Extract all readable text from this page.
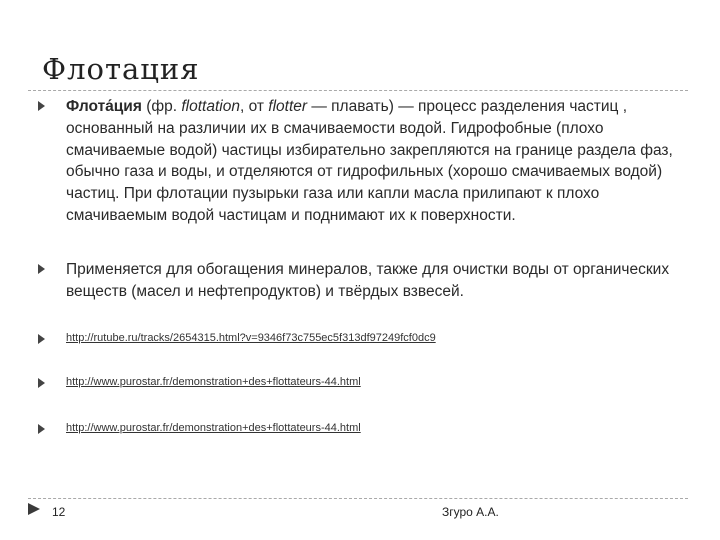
Флотация
Флота́ция (фр. flottation, от flotter — плавать) — процесс разделения частиц , основанный на различии их в смачиваемости водой. Гидрофобные (плохо смачиваемые водой) частицы избирательно закрепляются на границе раздела фаз, обычно газа и воды, и отделяются от гидрофильных (хорошо смачиваемых водой) частиц. При флотации пузырьки газа или капли масла прилипают к плохо смачиваемым водой частицам и поднимают их к поверхности.
Применяется для обогащения минералов, также для очистки воды от органических веществ (масел и нефтепродуктов) и твёрдых взвесей.
http://rutube.ru/tracks/2654315.html?v=9346f73c755ec5f313df97249fcf0dc9
http://www.purostar.fr/demonstration+des+flottateurs-44.html
http://www.purostar.fr/demonstration+des+flottateurs-44.html
12	Згуро А.А.
